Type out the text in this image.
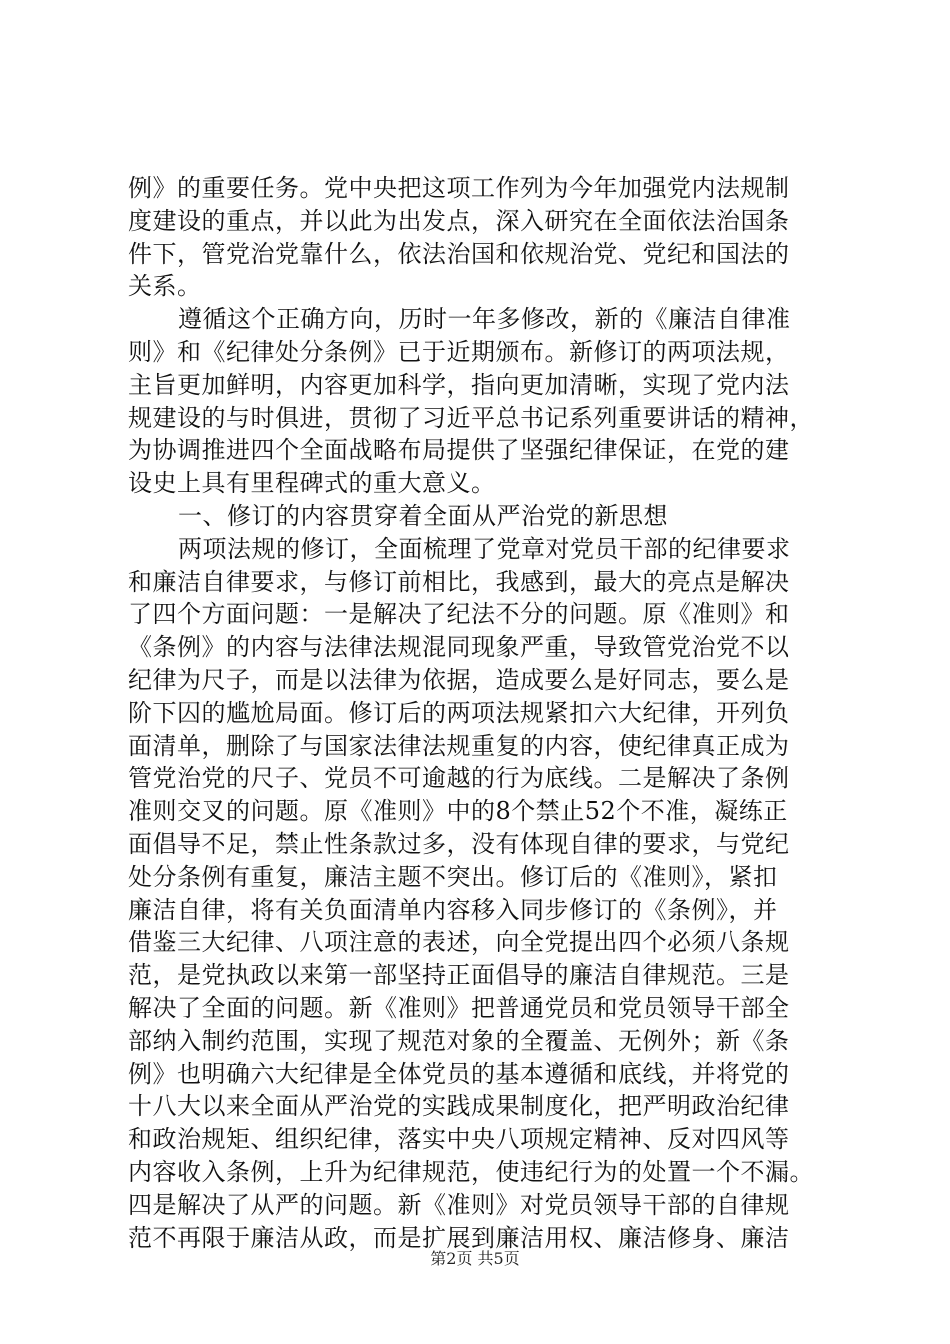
例》的重要任务。党中央把这项工作列为今年加强党内法规制
度建设的重点，并以此为出发点，深入研究在全面依法治国条
件下，管党治党靠什么，依法治国和依规治党、党纪和国法的
关系。
遵循这个正确方向，历时一年多修改，新的《廉洁自律准
则》和《纪律处分条例》已于近期颁布。新修订的两项法规，
主旨更加鲜明，内容更加科学，指向更加清晰，实现了党内法
规建设的与时俱进，贯彻了习近平总书记系列重要讲话的精神，
为协调推进四个全面战略布局提供了坚强纪律保证，在党的建
设史上具有里程碑式的重大意义。
一、修订的内容贯穿着全面从严治党的新思想
两项法规的修订，全面梳理了党章对党员干部的纪律要求
和廉洁自律要求，与修订前相比，我感到，最大的亮点是解决
了四个方面问题：一是解决了纪法不分的问题。原《准则》和
《条例》的内容与法律法规混同现象严重，导致管党治党不以
纪律为尺子，而是以法律为依据，造成要么是好同志，要么是
阶下囚的尴尬局面。修订后的两项法规紧扣六大纪律，开列负
面清单，删除了与国家法律法规重复的内容，使纪律真正成为
管党治党的尺子、党员不可逾越的行为底线。二是解决了条例
准则交叉的问题。原《准则》中的8个禁止52个不准，凝练正
面倡导不足，禁止性条款过多，没有体现自律的要求，与党纪
处分条例有重复，廉洁主题不突出。修订后的《准则》，紧扣
廉洁自律，将有关负面清单内容移入同步修订的《条例》，并
借鉴三大纪律、八项注意的表述，向全党提出四个必须八条规
范，是党执政以来第一部坚持正面倡导的廉洁自律规范。三是
解决了全面的问题。新《准则》把普通党员和党员领导干部全
部纳入制约范围，实现了规范对象的全覆盖、无例外；新《条
例》也明确六大纪律是全体党员的基本遵循和底线，并将党的
十八大以来全面从严治党的实践成果制度化，把严明政治纪律
和政治规矩、组织纪律，落实中央八项规定精神、反对四风等
内容收入条例，上升为纪律规范，使违纪行为的处置一个不漏。
四是解决了从严的问题。新《准则》对党员领导干部的自律规
范不再限于廉洁从政，而是扩展到廉洁用权、廉洁修身、廉洁
第2页 共5页
